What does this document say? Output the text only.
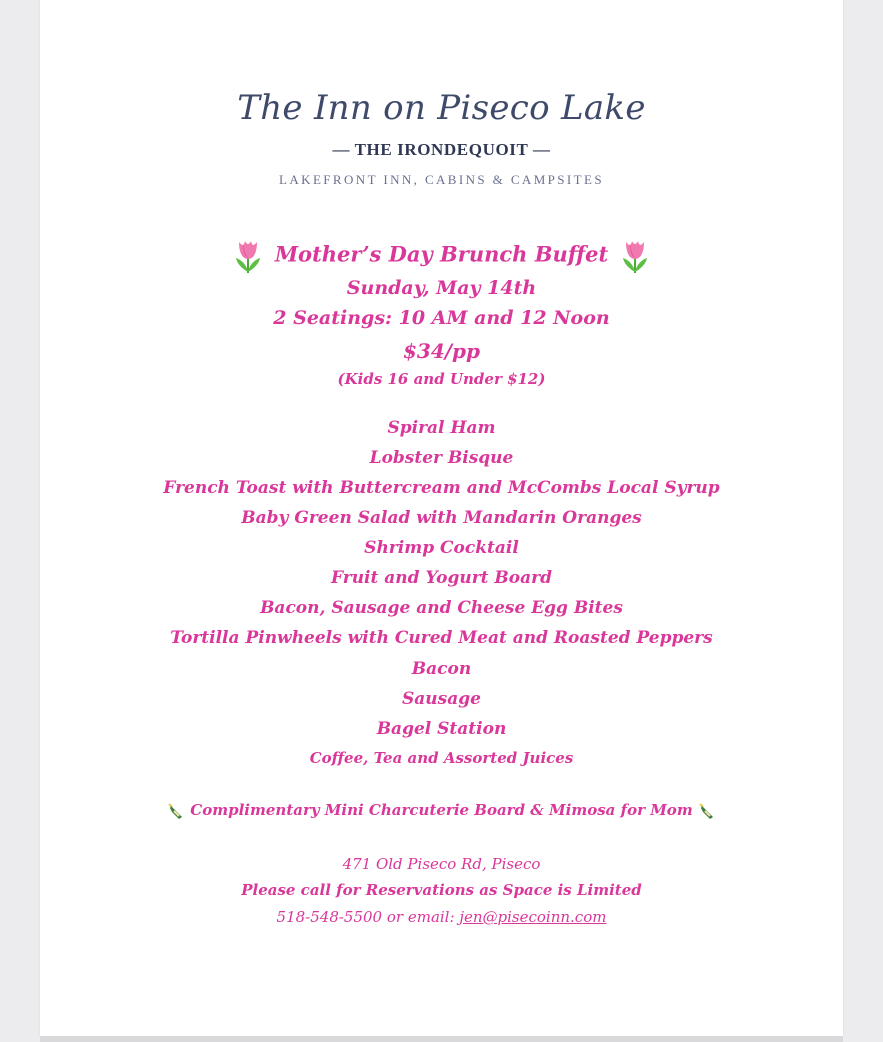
The Inn on Piseco Lake
— THE IRONDEQUOIT —
LAKEFRONT INN, CABINS & CAMPSITES
Mother’s Day Brunch Buffet
Sunday, May 14th
2 Seatings: 10 AM and 12 Noon
$34/pp
(Kids 16 and Under $12)
Spiral Ham
Lobster Bisque
French Toast with Buttercream and McCombs Local Syrup
Baby Green Salad with Mandarin Oranges
Shrimp Cocktail
Fruit and Yogurt Board
Bacon, Sausage and Cheese Egg Bites
Tortilla Pinwheels with Cured Meat and Roasted Peppers
Bacon
Sausage
Bagel Station
Coffee, Tea and Assorted Juices
Complimentary Mini Charcuterie Board & Mimosa for Mom
471 Old Piseco Rd, Piseco
Please call for Reservations as Space is Limited
518-548-5500 or email: jen@pisecoinn.com
